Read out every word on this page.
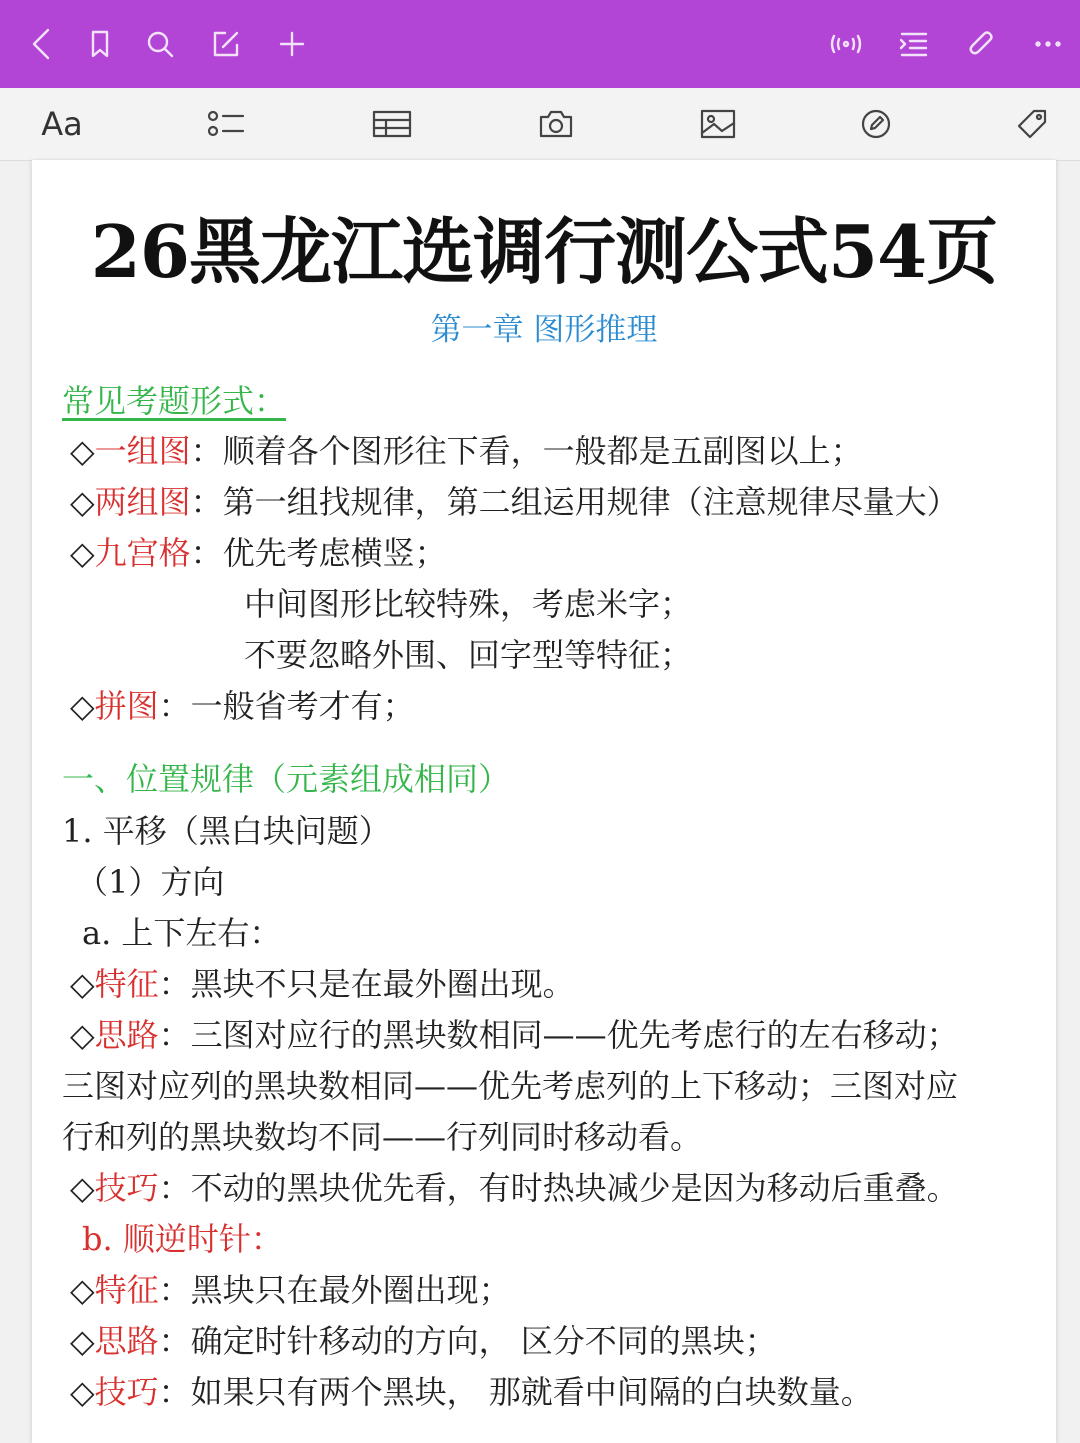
Aa
26黑龙江选调行测公式54页
第一章 图形推理
常见考题形式：
◇一组图：顺着各个图形往下看，一般都是五副图以上；
◇两组图：第一组找规律，第二组运用规律（注意规律尽量大）
◇九宫格：优先考虑横竖；
中间图形比较特殊，考虑米字；
不要忽略外围、回字型等特征；
◇拼图：一般省考才有；
一、位置规律（元素组成相同）
1. 平移（黑白块问题）
（1）方向
a. 上下左右：
◇特征：黑块不只是在最外圈出现。
◇思路：三图对应行的黑块数相同——优先考虑行的左右移动；
三图对应列的黑块数相同——优先考虑列的上下移动；三图对应
行和列的黑块数均不同——行列同时移动看。
◇技巧：不动的黑块优先看，有时热块减少是因为移动后重叠。
b. 顺逆时针：
◇特征：黑块只在最外圈出现；
◇思路：确定时针移动的方向， 区分不同的黑块；
◇技巧：如果只有两个黑块， 那就看中间隔的白块数量。
